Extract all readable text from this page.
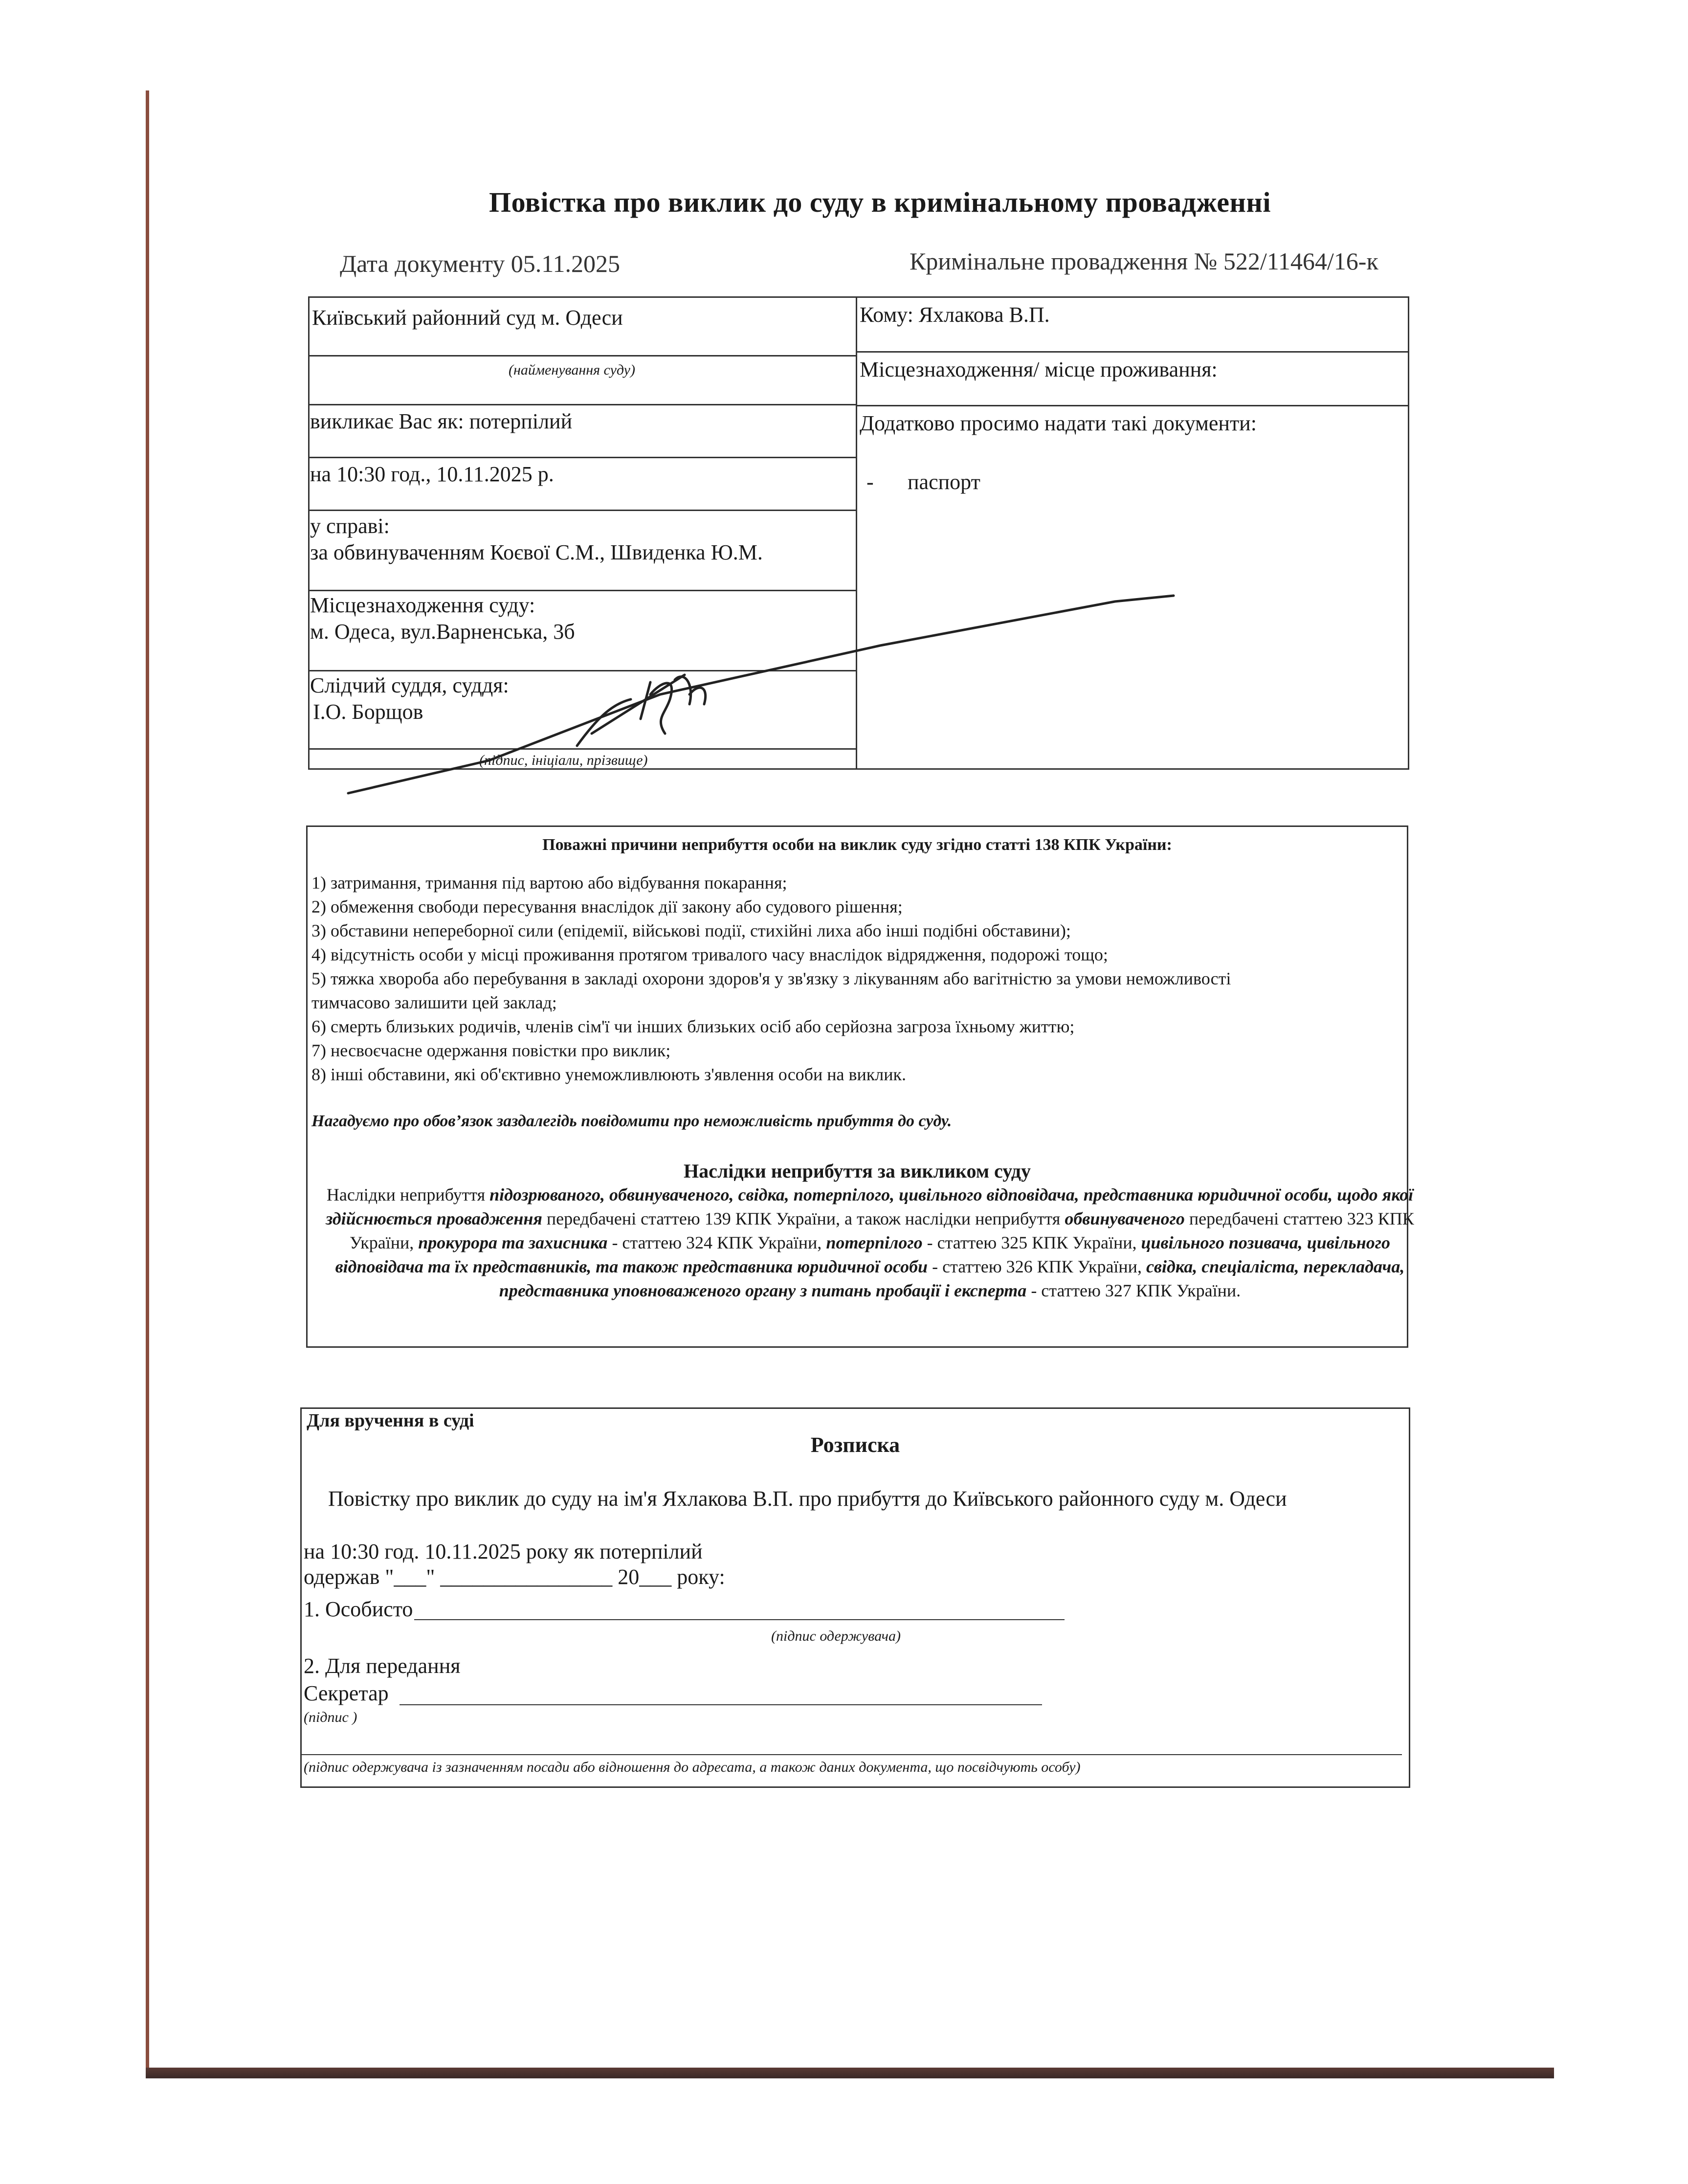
Повістка про виклик до суду в кримінальному провадженні
Дата документу 05.11.2025	Кримінальне провадження № 522/11464/16-к
Київський районний суд м. Одеси
(найменування суду)
викликає Вас як: потерпілий
на 10:30 год., 10.11.2025 р.
у справі:
за обвинуваченням Коєвої С.М., Швиденка Ю.М.
Місцезнаходження суду:
м. Одеса, вул.Варненська, 3б
Слідчий суддя, суддя:
І.О. Борщов
(підпис, ініціали, прізвище)
Кому: Яхлакова В.П.
Місцезнаходження/ місце проживання:
Додатково просимо надати такі документи:
- паспорт
Поважні причини неприбуття особи на виклик суду згідно статті 138 КПК України:
1) затримання, тримання під вартою або відбування покарання;
2) обмеження свободи пересування внаслідок дії закону або судового рішення;
3) обставини непереборної сили (епідемії, військові події, стихійні лиха або інші подібні обставини);
4) відсутність особи у місці проживання протягом тривалого часу внаслідок відрядження, подорожі тощо;
5) тяжка хвороба або перебування в закладі охорони здоров'я у зв'язку з лікуванням або вагітністю за умови неможливості
тимчасово залишити цей заклад;
6) смерть близьких родичів, членів сім'ї чи інших близьких осіб або серйозна загроза їхньому життю;
7) несвоєчасне одержання повістки про виклик;
8) інші обставини, які об'єктивно унеможливлюють з'явлення особи на виклик.
Нагадуємо про обов’язок заздалегідь повідомити про неможливість прибуття до суду.
Наслідки неприбуття за викликом суду
Наслідки неприбуття підозрюваного, обвинуваченого, свідка, потерпілого, цивільного відповідача, представника юридичної особи, щодо якої здійснюється провадження передбачені статтею 139 КПК України, а також наслідки неприбуття обвинуваченого передбачені статтею 323 КПК України, прокурора та захисника - статтею 324 КПК України, потерпілого - статтею 325 КПК України, цивільного позивача, цивільного відповідача та їх представників, та також представника юридичної особи - статтею 326 КПК України, свідка, спеціаліста, перекладача, представника уповноваженого органу з питань пробації і експерта - статтею 327 КПК України.
Для вручення в суді
Розписка
Повістку про виклик до суду на ім'я Яхлакова В.П. про прибуття до Київського районного суду м. Одеси
на 10:30 год. 10.11.2025 року як потерпілий
одержав "___" ________________ 20___ року:
1. Особисто
(підпис одержувача)
2. Для передання
Секретар
(підпис )
(підпис одержувача із зазначенням посади або відношення до адресата, а також даних документа, що посвідчують особу)
